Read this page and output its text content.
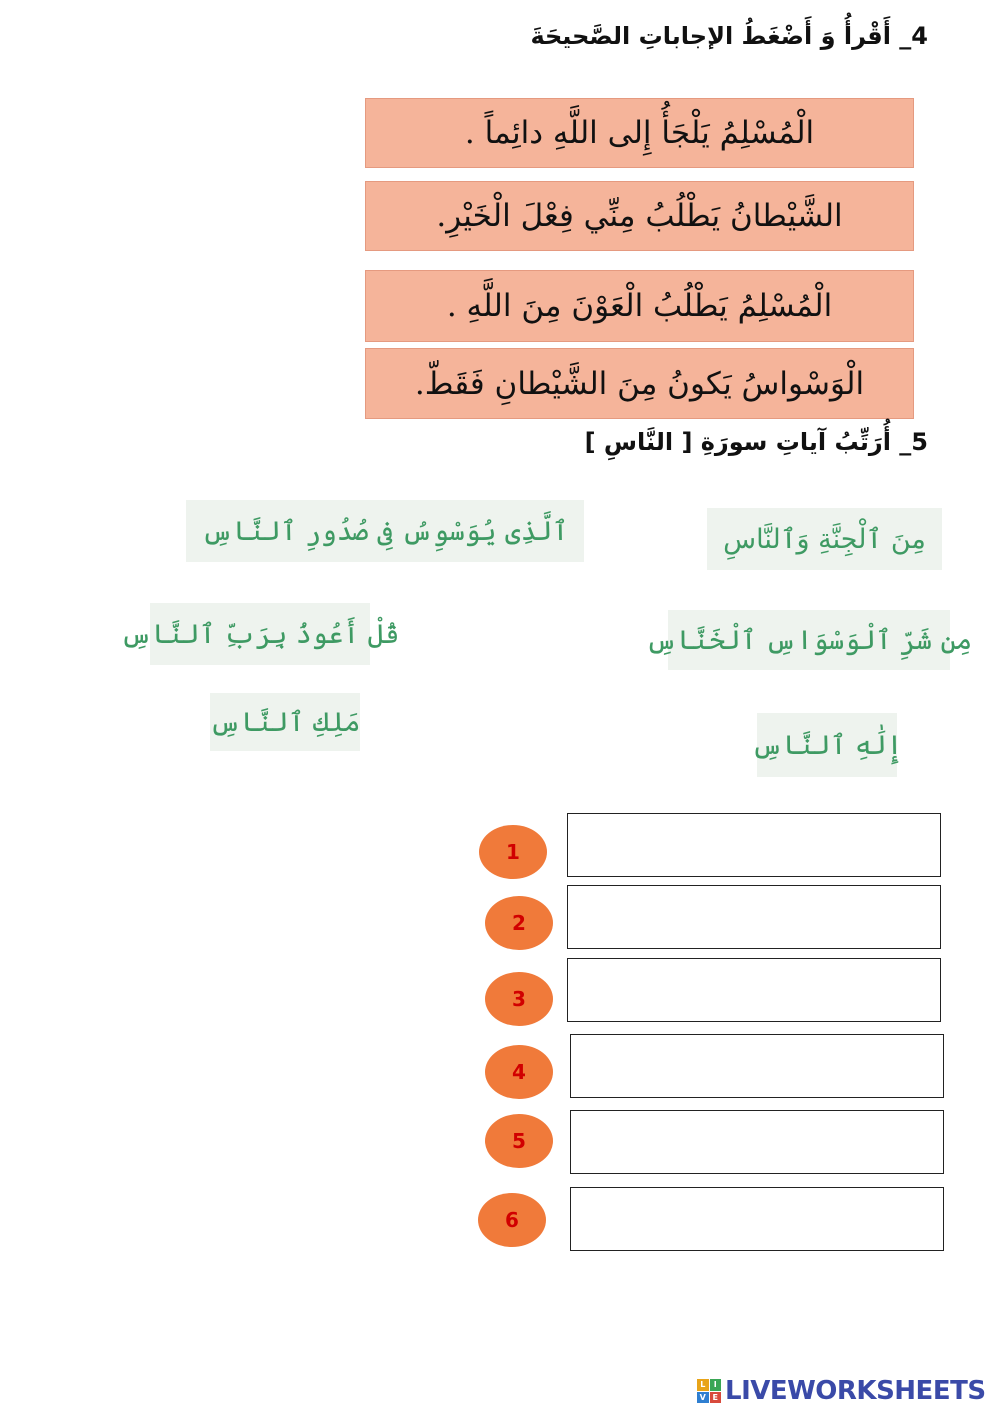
4_ أَقْرأُ وَ أَضْغَطُ الإجاباتِ الصَّحيحَةَ
الْمُسْلِمُ يَلْجَأُ إِلى اللَّهِ دائِماً .
الشَّيْطانُ يَطْلُبُ مِنِّي فِعْلَ الْخَيْرِ.
الْمُسْلِمُ يَطْلُبُ الْعَوْنَ مِنَ اللَّهِ .
الْوَسْواسُ يَكونُ مِنَ الشَّيْطانِ فَقَطّ.
5_ أُرَتِّبُ آياتِ سورَةِ [ النَّاسِ ]
ٱلَّذِى يُوَسْوِسُ فِى صُدُورِ ٱلنَّاسِ	مِنَ ٱلْجِنَّةِ وَٱلنَّاسِ
قُلْ أَعُوذُ بِرَبِّ ٱلنَّاسِ	مِن شَرِّ ٱلْوَسْوَاسِ ٱلْخَنَّاسِ
مَلِكِ ٱلنَّاسِ
إِلَٰهِ ٱلنَّاسِ
1
2
3
4
5
6
L	I
V E LIVEWORKSHEETS
